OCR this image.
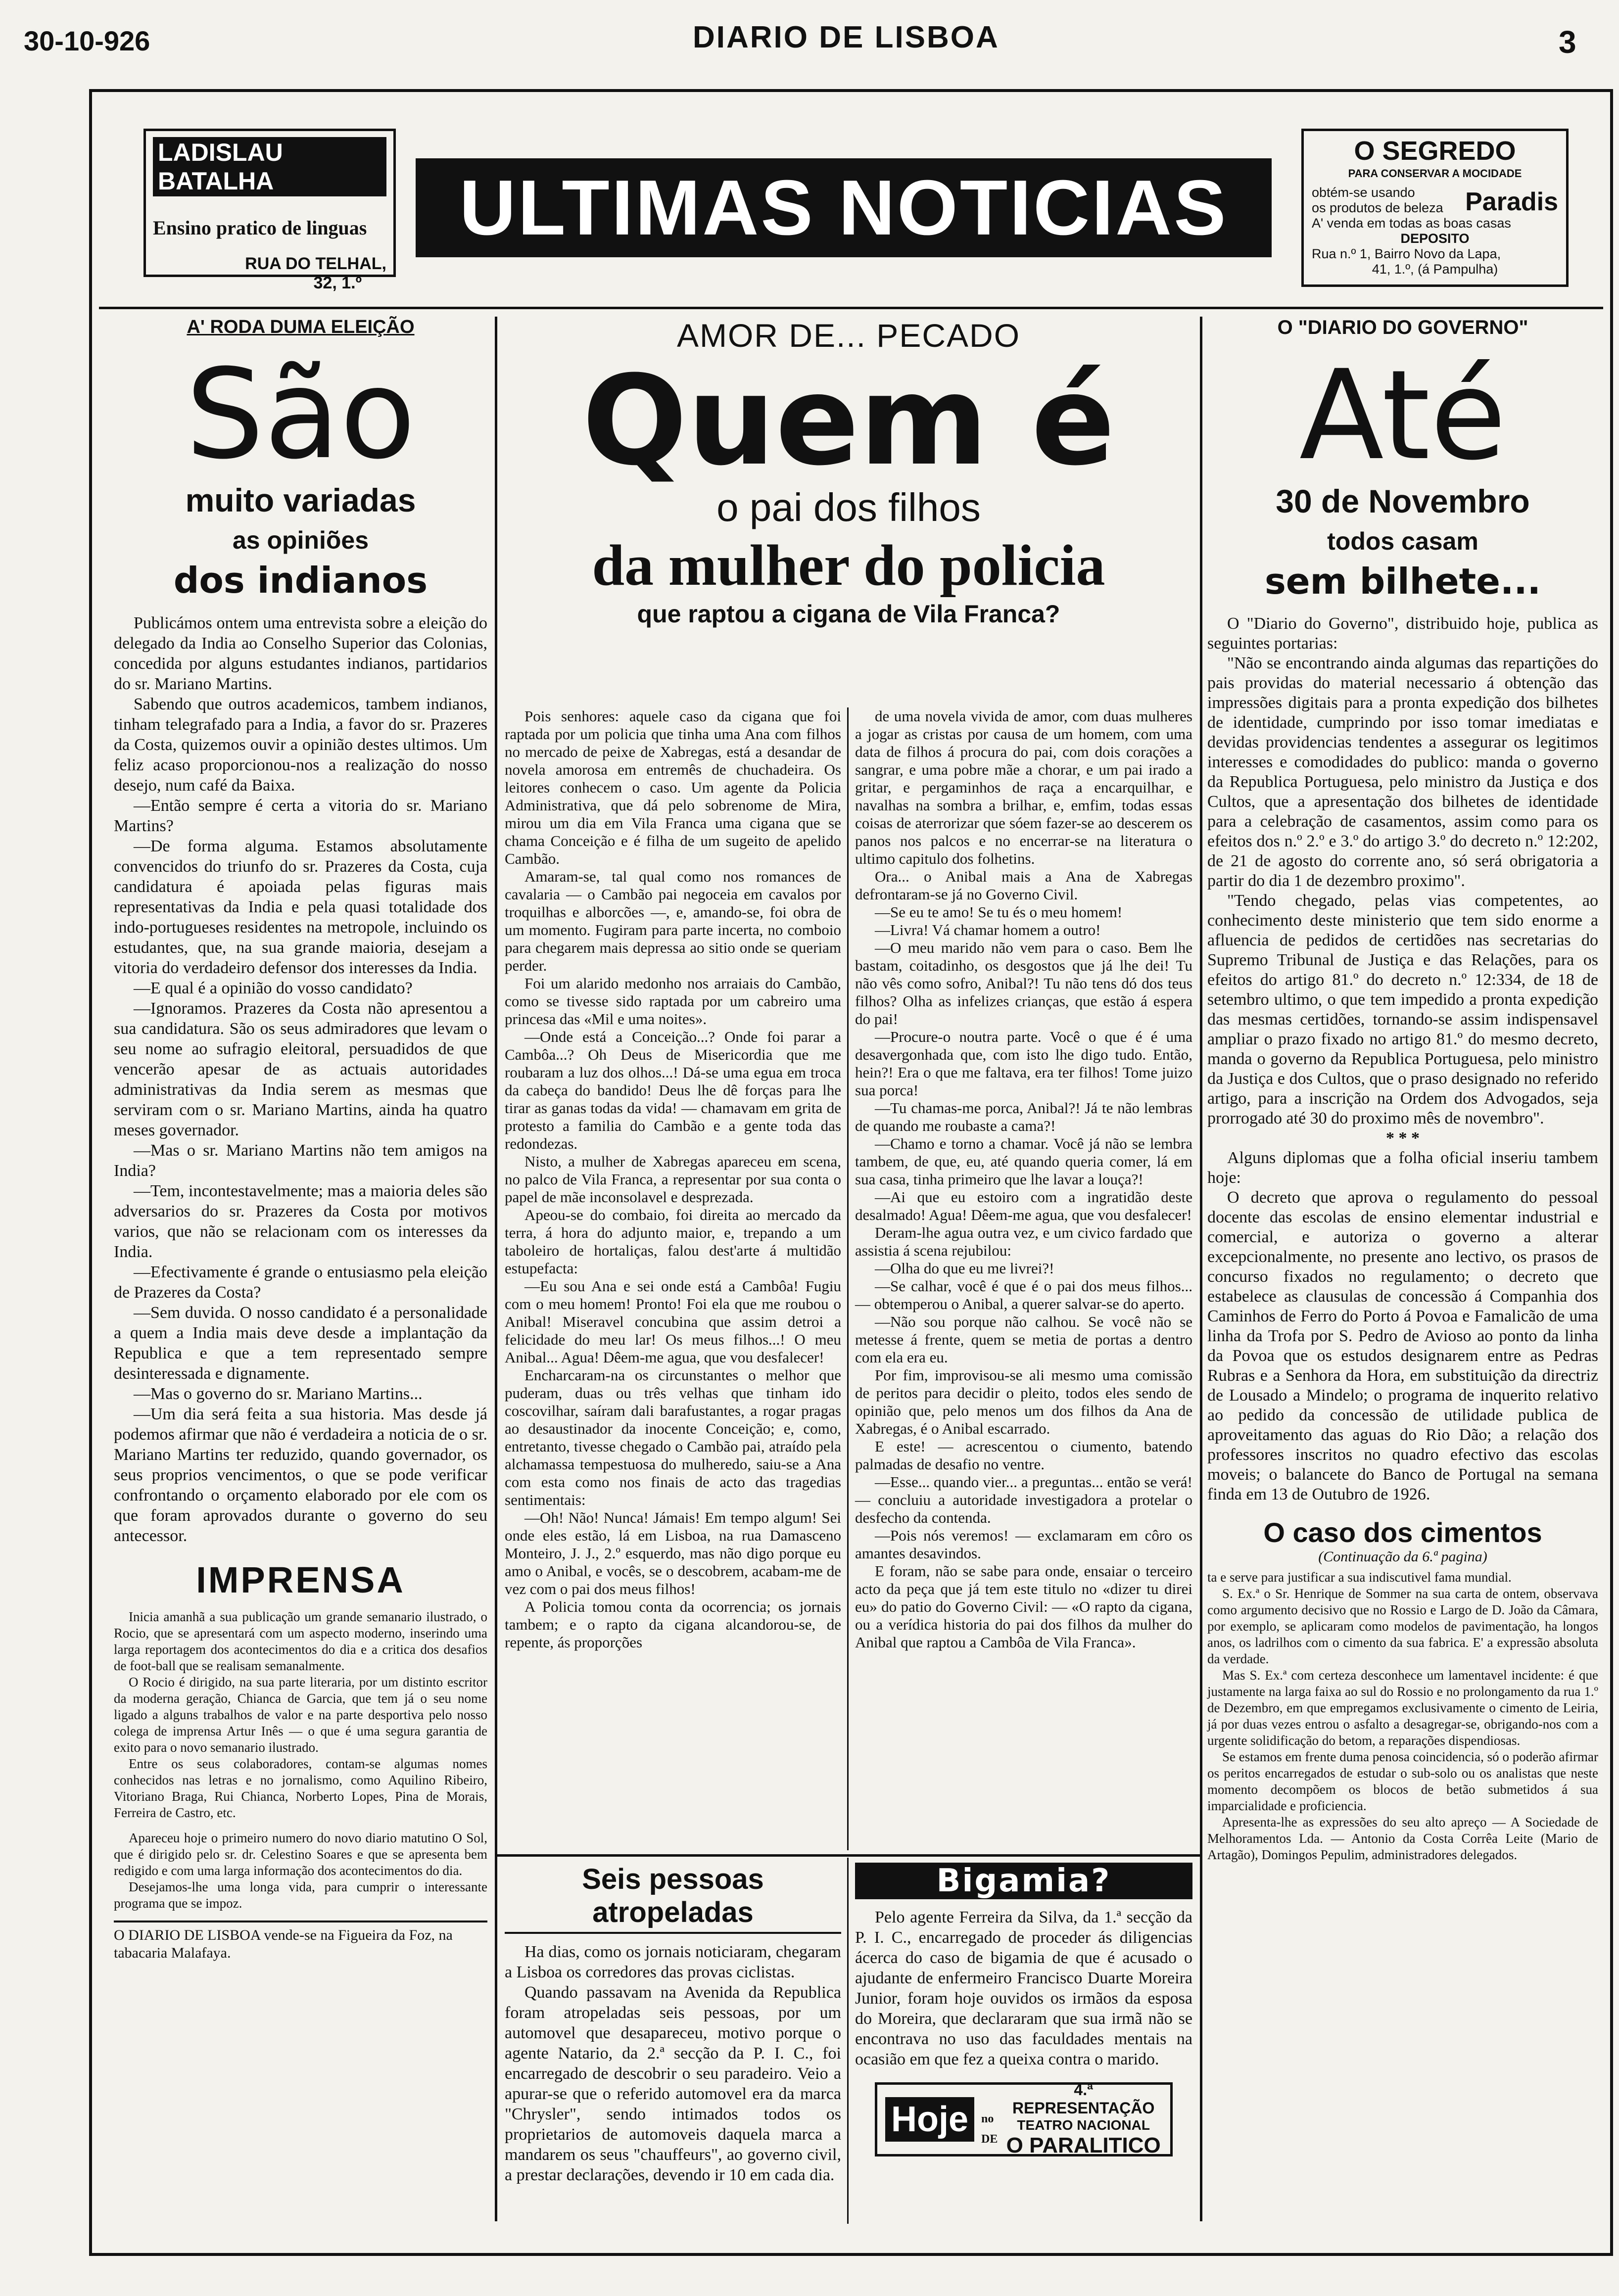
30-10-926	DIARIO DE LISBOA	3
LADISLAU BATALHA
Ensino pratico de linguas
RUA DO TELHAL,
32, 1.º
ULTIMAS NOTICIAS
O SEGREDO
PARA CONSERVAR A MOCIDADE
obtém-se usando
os produtos de beleza Paradis
A' venda em todas as boas casas
DEPOSITO
Rua n.º 1, Bairro Novo da Lapa,
41, 1.º, (á Pampulha)
A' RODA DUMA ELEIÇÃO
São
muito variadas
as opiniões
dos indianos

Publicámos ontem uma entrevista sobre a eleição do delegado da India ao Conselho Superior das Colonias, concedida por alguns estudantes indianos, partidarios do sr. Mariano Martins.

Sabendo que outros academicos, tambem indianos, tinham telegrafado para a India, a favor do sr. Prazeres da Costa, quizemos ouvir a opinião destes ultimos. Um feliz acaso proporcionou-nos a realização do nosso desejo, num café da Baixa.

—Então sempre é certa a vitoria do sr. Mariano Martins?

—De forma alguma. Estamos absolutamente convencidos do triunfo do sr. Prazeres da Costa, cuja candidatura é apoiada pelas figuras mais representativas da India e pela quasi totalidade dos indo-portugueses residentes na metropole, incluindo os estudantes, que, na sua grande maioria, desejam a vitoria do verdadeiro defensor dos interesses da India.

—E qual é a opinião do vosso candidato?

—Ignoramos. Prazeres da Costa não apresentou a sua candidatura. São os seus admiradores que levam o seu nome ao sufragio eleitoral, persuadidos de que vencerão apesar de as actuais autoridades administrativas da India serem as mesmas que serviram com o sr. Mariano Martins, ainda ha quatro meses governador.

—Mas o sr. Mariano Martins não tem amigos na India?

—Tem, incontestavelmente; mas a maioria deles são adversarios do sr. Prazeres da Costa por motivos varios, que não se relacionam com os interesses da India.

—Efectivamente é grande o entusiasmo pela eleição de Prazeres da Costa?

—Sem duvida. O nosso candidato é a personalidade a quem a India mais deve desde a implantação da Republica e que a tem representado sempre desinteressada e dignamente.

—Mas o governo do sr. Mariano Martins...

—Um dia será feita a sua historia. Mas desde já podemos afirmar que não é verdadeira a noticia de o sr. Mariano Martins ter reduzido, quando governador, os seus proprios vencimentos, o que se pode verificar confrontando o orçamento elaborado por ele com os que foram aprovados durante o governo do seu antecessor.

IMPRENSA

Inicia amanhã a sua publicação um grande semanario ilustrado, o Rocio, que se apresentará com um aspecto moderno, inserindo uma larga reportagem dos acontecimentos do dia e a critica dos desafios de foot-ball que se realisam semanalmente.

O Rocio é dirigido, na sua parte literaria, por um distinto escritor da moderna geração, Chianca de Garcia, que tem já o seu nome ligado a alguns trabalhos de valor e na parte desportiva pelo nosso colega de imprensa Artur Inês — o que é uma segura garantia de exito para o novo semanario ilustrado.

Entre os seus colaboradores, contam-se algumas nomes conhecidos nas letras e no jornalismo, como Aquilino Ribeiro, Vitoriano Braga, Rui Chianca, Norberto Lopes, Pina de Morais, Ferreira de Castro, etc.

Apareceu hoje o primeiro numero do novo diario matutino O Sol, que é dirigido pelo sr. dr. Celestino Soares e que se apresenta bem redigido e com uma larga informação dos acontecimentos do dia.

Desejamos-lhe uma longa vida, para cumprir o interessante programa que se impoz.

O DIARIO DE LISBOA vende-se na Figueira da Foz, na tabacaria Malafaya.
AMOR DE... PECADO
Quem é
o pai dos filhos
da mulher do policia
que raptou a cigana de Vila Franca?

Pois senhores: aquele caso da cigana que foi raptada por um policia que tinha uma Ana com filhos no mercado de peixe de Xabregas, está a desandar de novela amorosa em entremês de chuchadeira. Os leitores conhecem o caso. Um agente da Policia Administrativa, que dá pelo sobrenome de Mira, mirou um dia em Vila Franca uma cigana que se chama Conceição e é filha de um sugeito de apelido Cambão.

Amaram-se, tal qual como nos romances de cavalaria — o Cambão pai negoceia em cavalos por troquilhas e alborcões —, e, amando-se, foi obra de um momento. Fugiram para parte incerta, no comboio para chegarem mais depressa ao sitio onde se queriam perder.

Foi um alarido medonho nos arraiais do Cambão, como se tivesse sido raptada por um cabreiro uma princesa das «Mil e uma noites».

—Onde está a Conceição...? Onde foi parar a Cambôa...? Oh Deus de Misericordia que me roubaram a luz dos olhos...! Dá-se uma egua em troca da cabeça do bandido! Deus lhe dê forças para lhe tirar as ganas todas da vida! — chamavam em grita de protesto a familia do Cambão e a gente toda das redondezas.

Nisto, a mulher de Xabregas apareceu em scena, no palco de Vila Franca, a representar por sua conta o papel de mãe inconsolavel e desprezada.

Apeou-se do combaio, foi direita ao mercado da terra, á hora do adjunto maior, e, trepando a um taboleiro de hortaliças, falou dest'arte á multidão estupefacta:

—Eu sou Ana e sei onde está a Cambôa! Fugiu com o meu homem! Pronto! Foi ela que me roubou o Anibal! Miseravel concubina que assim detroi a felicidade do meu lar! Os meus filhos...! O meu Anibal... Agua! Dêem-me agua, que vou desfalecer!

Encharcaram-na os circunstantes o melhor que puderam, duas ou três velhas que tinham ido coscovilhar, saíram dali barafustantes, a rogar pragas ao desaustinador da inocente Conceição; e, como, entretanto, tivesse chegado o Cambão pai, atraído pela alchamassa tempestuosa do mulheredo, saiu-se a Ana com esta como nos finais de acto das tragedias sentimentais:

—Oh! Não! Nunca! Jámais! Em tempo algum! Sei onde eles estão, lá em Lisboa, na rua Damasceno Monteiro, J. J., 2.º esquerdo, mas não digo porque eu amo o Anibal, e vocês, se o descobrem, acabam-me de vez com o pai dos meus filhos!

A Policia tomou conta da ocorrencia; os jornais tambem; e o rapto da cigana alcandorou-se, de repente, ás proporções

de uma novela vivida de amor, com duas mulheres a jogar as cristas por causa de um homem, com uma data de filhos á procura do pai, com dois corações a sangrar, e uma pobre mãe a chorar, e um pai irado a gritar, e pergaminhos de raça a encarquilhar, e navalhas na sombra a brilhar, e, emfim, todas essas coisas de aterrorizar que sóem fazer-se ao descerem os panos nos palcos e no encerrar-se na literatura o ultimo capitulo dos folhetins.

Ora... o Anibal mais a Ana de Xabregas defrontaram-se já no Governo Civil.

—Se eu te amo! Se tu és o meu homem!

—Livra! Vá chamar homem a outro!

—O meu marido não vem para o caso. Bem lhe bastam, coitadinho, os desgostos que já lhe dei! Tu não vês como sofro, Anibal?! Tu não tens dó dos teus filhos? Olha as infelizes crianças, que estão á espera do pai!

—Procure-o noutra parte. Você o que é é uma desavergonhada que, com isto lhe digo tudo. Então, hein?! Era o que me faltava, era ter filhos! Tome juizo sua porca!

—Tu chamas-me porca, Anibal?! Já te não lembras de quando me roubaste a cama?!

—Chamo e torno a chamar. Você já não se lembra tambem, de que, eu, até quando queria comer, lá em sua casa, tinha primeiro que lhe lavar a louça?!

—Ai que eu estoiro com a ingratidão deste desalmado! Agua! Dêem-me agua, que vou desfalecer!

Deram-lhe agua outra vez, e um civico fardado que assistia á scena rejubilou:

—Olha do que eu me livrei?!

—Se calhar, você é que é o pai dos meus filhos... — obtemperou o Anibal, a querer salvar-se do aperto.

—Não sou porque não calhou. Se você não se metesse á frente, quem se metia de portas a dentro com ela era eu.

Por fim, improvisou-se ali mesmo uma comissão de peritos para decidir o pleito, todos eles sendo de opinião que, pelo menos um dos filhos da Ana de Xabregas, é o Anibal escarrado.

E este! — acrescentou o ciumento, batendo palmadas de desafio no ventre.

—Esse... quando vier... a preguntas... então se verá! — concluiu a autoridade investigadora a protelar o desfecho da contenda.

—Pois nós veremos! — exclamaram em côro os amantes desavindos.

E foram, não se sabe para onde, ensaiar o terceiro acto da peça que já tem este titulo no «dizer tu direi eu» do patio do Governo Civil: — «O rapto da cigana, ou a verídica historia do pai dos filhos da mulher do Anibal que raptou a Cambôa de Vila Franca».

Seis pessoas atropeladas

Ha dias, como os jornais noticiaram, chegaram a Lisboa os corredores das provas ciclistas.

Quando passavam na Avenida da Republica foram atropeladas seis pessoas, por um automovel que desapareceu, motivo porque o agente Natario, da 2.ª secção da P. I. C., foi encarregado de descobrir o seu paradeiro. Veio a apurar-se que o referido automovel era da marca "Chrysler", sendo intimados todos os proprietarios de automoveis daquela marca a mandarem os seus "chauffeurs", ao governo civil, a prestar declarações, devendo ir 10 em cada dia.

Bigamia?

Pelo agente Ferreira da Silva, da 1.ª secção da P. I. C., encarregado de proceder ás diligencias ácerca do caso de bigamia de que é acusado o ajudante de enfermeiro Francisco Duarte Moreira Junior, foram hoje ouvidos os irmãos da esposa do Moreira, que declararam que sua irmã não se encontrava no uso das faculdades mentais na ocasião em que fez a queixa contra o marido.

Hoje	no
DE
4.ª REPRESENTAÇÃO
TEATRO NACIONAL
O PARALITICO
O "DIARIO DO GOVERNO"
Até
30 de Novembro
todos casam
sem bilhete...

O "Diario do Governo", distribuido hoje, publica as seguintes portarias:

"Não se encontrando ainda algumas das repartições do pais providas do material necessario á obtenção das impressões digitais para a pronta expedição dos bilhetes de identidade, cumprindo por isso tomar imediatas e devidas providencias tendentes a assegurar os legitimos interesses e comodidades do publico: manda o governo da Republica Portuguesa, pelo ministro da Justiça e dos Cultos, que a apresentação dos bilhetes de identidade para a celebração de casamentos, assim como para os efeitos dos n.º 2.º e 3.º do artigo 3.º do decreto n.º 12:202, de 21 de agosto do corrente ano, só será obrigatoria a partir do dia 1 de dezembro proximo".

"Tendo chegado, pelas vias competentes, ao conhecimento deste ministerio que tem sido enorme a afluencia de pedidos de certidões nas secretarias do Supremo Tribunal de Justiça e das Relações, para os efeitos do artigo 81.º do decreto n.º 12:334, de 18 de setembro ultimo, o que tem impedido a pronta expedição das mesmas certidões, tornando-se assim indispensavel ampliar o prazo fixado no artigo 81.º do mesmo decreto, manda o governo da Republica Portuguesa, pelo ministro da Justiça e dos Cultos, que o praso designado no referido artigo, para a inscrição na Ordem dos Advogados, seja prorrogado até 30 do proximo mês de novembro".

* * *

Alguns diplomas que a folha oficial inseriu tambem hoje:

O decreto que aprova o regulamento do pessoal docente das escolas de ensino elementar industrial e comercial, e autoriza o governo a alterar excepcionalmente, no presente ano lectivo, os prasos de concurso fixados no regulamento; o decreto que estabelece as clausulas de concessão á Companhia dos Caminhos de Ferro do Porto á Povoa e Famalicão de uma linha da Trofa por S. Pedro de Avioso ao ponto da linha da Povoa que os estudos designarem entre as Pedras Rubras e a Senhora da Hora, em substituição da directriz de Lousado a Mindelo; o programa de inquerito relativo ao pedido da concessão de utilidade publica de aproveitamento das aguas do Rio Dão; a relação dos professores inscritos no quadro efectivo das escolas moveis; o balancete do Banco de Portugal na semana finda em 13 de Outubro de 1926.

O caso dos cimentos
(Continuação da 6.ª pagina)

ta e serve para justificar a sua indiscutivel fama mundial.

S. Ex.ª o Sr. Henrique de Sommer na sua carta de ontem, observava como argumento decisivo que no Rossio e Largo de D. João da Câmara, por exemplo, se aplicaram como modelos de pavimentação, ha longos anos, os ladrilhos com o cimento da sua fabrica. E' a expressão absoluta da verdade.

Mas S. Ex.ª com certeza desconhece um lamentavel incidente: é que justamente na larga faixa ao sul do Rossio e no prolongamento da rua 1.º de Dezembro, em que empregamos exclusivamente o cimento de Leiria, já por duas vezes entrou o asfalto a desagregar-se, obrigando-nos com a urgente solidificação do betom, a reparações dispendiosas.

Se estamos em frente duma penosa coincidencia, só o poderão afirmar os peritos encarregados de estudar o sub-solo ou os analistas que neste momento decompõem os blocos de betão submetidos á sua imparcialidade e proficiencia.

Apresenta-lhe as expressões do seu alto apreço — A Sociedade de Melhoramentos Lda. — Antonio da Costa Corrêa Leite (Mario de Artagão), Domingos Pepulim, administradores delegados.
